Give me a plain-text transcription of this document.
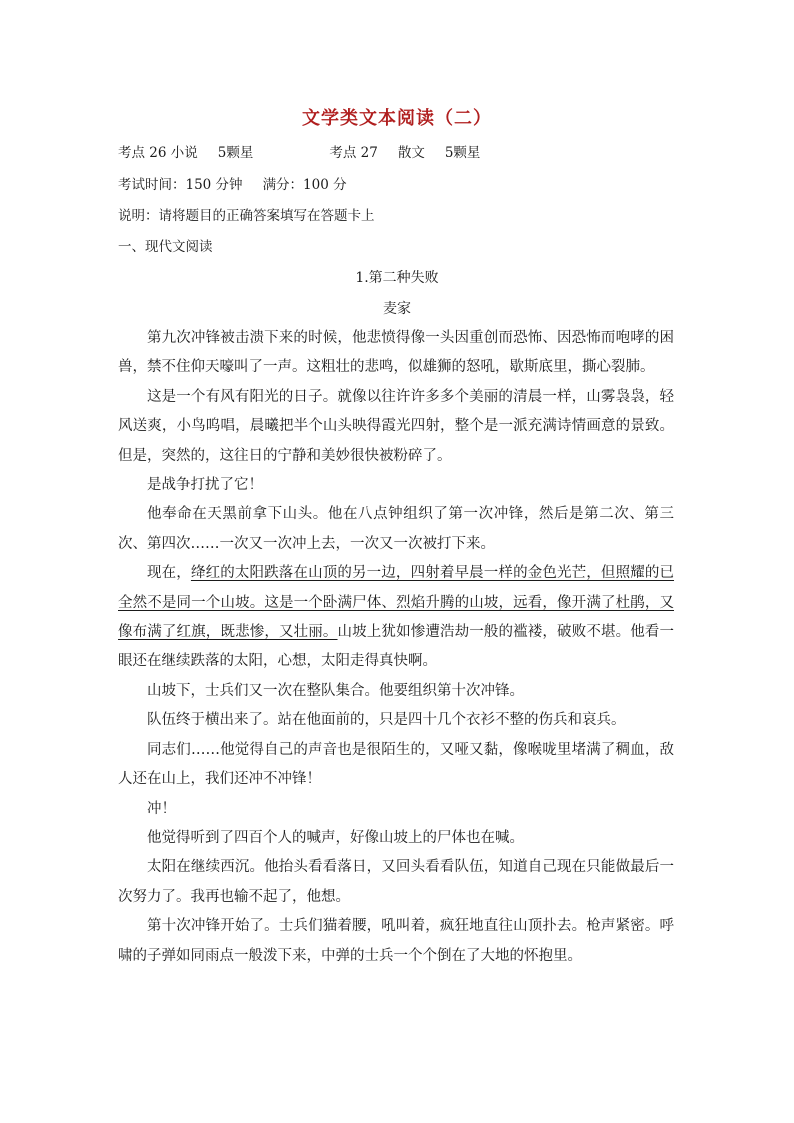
文学类文本阅读（二）
考点 26 小说 5颗星	考点 27 散文 5颗星
考试时间：150 分钟 满分：100 分
说明：请将题目的正确答案填写在答题卡上
一、现代文阅读
1.第二种失败
麦家

第九次冲锋被击溃下来的时候，他悲愤得像一头因重创而恐怖、因恐怖而咆哮的困兽，禁不住仰天嚎叫了一声。这粗壮的悲鸣，似雄狮的怒吼，歇斯底里，撕心裂肺。

这是一个有风有阳光的日子。就像以往许许多多个美丽的清晨一样，山雾袅袅，轻风送爽，小鸟呜唱，晨曦把半个山头映得霞光四射，整个是一派充满诗情画意的景致。但是，突然的，这往日的宁静和美妙很快被粉碎了。

是战争打扰了它！

他奉命在天黑前拿下山头。他在八点钟组织了第一次冲锋，然后是第二次、第三次、第四次……一次又一次冲上去，一次又一次被打下来。

现在，绛红的太阳跌落在山顶的另一边，四射着早晨一样的金色光芒，但照耀的已全然不是同一个山坡。这是一个卧满尸体、烈焰升腾的山坡，远看，像开满了杜鹃，又像布满了红旗，既悲惨，又壮丽。山坡上犹如惨遭浩劫一般的褴褛，破败不堪。他看一眼还在继续跌落的太阳，心想，太阳走得真快啊。

山坡下，士兵们又一次在整队集合。他要组织第十次冲锋。

队伍终于横出来了。站在他面前的，只是四十几个衣衫不整的伤兵和哀兵。

同志们……他觉得自己的声音也是很陌生的，又哑又黏，像喉咙里堵满了稠血，敌人还在山上，我们还冲不冲锋！

冲！

他觉得听到了四百个人的喊声，好像山坡上的尸体也在喊。

太阳在继续西沉。他抬头看看落日，又回头看看队伍，知道自己现在只能做最后一次努力了。我再也输不起了，他想。

第十次冲锋开始了。士兵们猫着腰，吼叫着，疯狂地直往山顶扑去。枪声紧密。呼啸的子弹如同雨点一般泼下来，中弹的士兵一个个倒在了大地的怀抱里。
